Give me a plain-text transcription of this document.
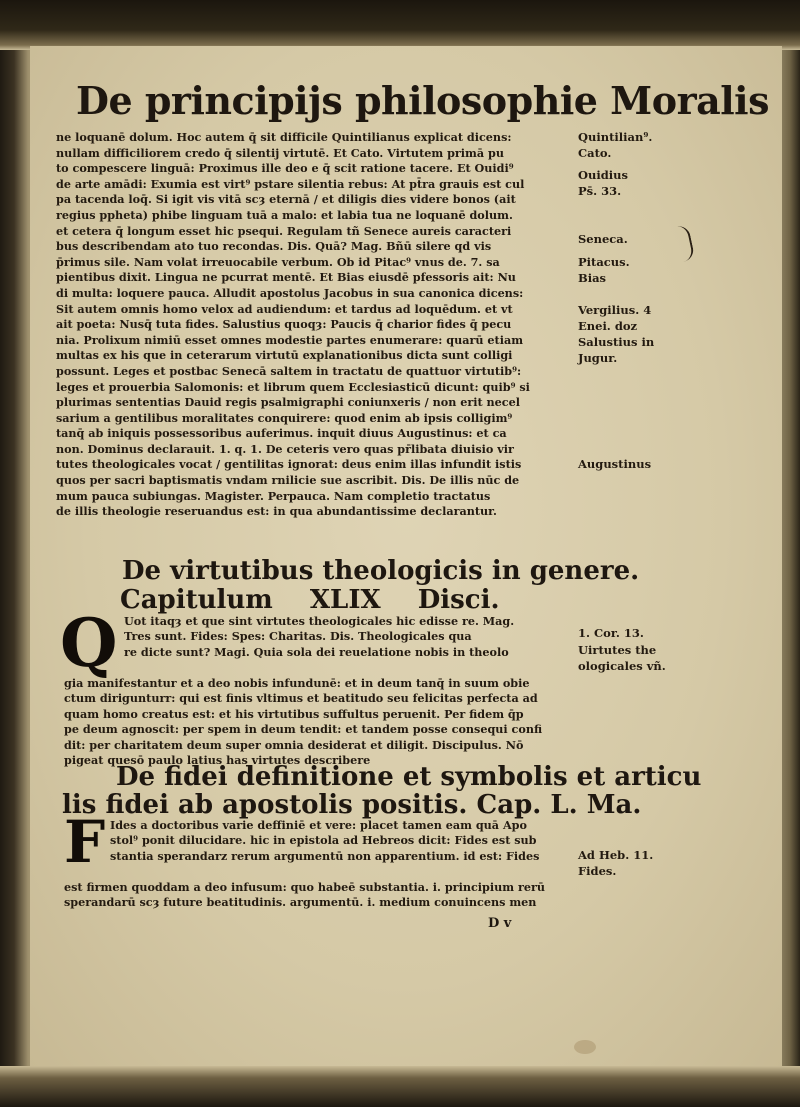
De principijs philosophie Moralis
ne loquanē dolum. Hoc autem q̄ sit difficile Quintilianus explicat dicens:
nullam difficiliorem credo q̄ silentij virtutē. Et Cato. Virtutem primā pu
to compescere linguā: Proximus ille deo e q̄ scit ratione tacere. Et Ouidi⁹
de arte amādi: Exumia est virt⁹ pstare silentia rebus: At pt̄ra grauis est cul
pa tacenda loq̄. Si igit vis vitā scȝ eternā / et diligis dies videre bonos (ait
regius ppheta) phibe linguam tuā a malo: et labia tua ne loquanē dolum.
et cetera q̄ longum esset hic psequi. Regulam tñ Senece aureis caracteri
bus describendam ato tuo recondas. Dis. Quā? Mag. Bñū silere qd vis
p̄rimus sile. Nam volat irreuocabile verbum. Ob id Pitac⁹ vnus de. 7. sa
pientibus dixit. Lingua ne pcurrat mentē. Et Bias eiusdē pfessoris ait: Nu
di multa: loquere pauca. Alludit apostolus Jacobus in sua canonica dicens:
Sit autem omnis homo velox ad audiendum: et tardus ad loquēdum. et vt
ait poeta: Nusq̄ tuta fides. Salustius quoqȝ: Paucis q̄ charior fides q̄ pecu
nia. Prolixum nimiū esset omnes modestie partes enumerare: quarū etiam
multas ex his que in ceterarum virtutū explanationibus dicta sunt colligi
possunt. Leges et postbac Senecā saltem in tractatu de quattuor virtutib⁹:
leges et prouerbia Salomonis: et librum quem Ecclesiasticū dicunt: quib⁹ si
plurimas sententias Dauid regis psalmigraphi coniunxeris / non erit necel
sarium a gentilibus moralitates conquirere: quod enim ab ipsis colligim⁹
tanq̄ ab iniquis possessoribus auferimus. inquit diuus Augustinus: et ca
non. Dominus declarauit. 1. q. 1. De ceteris vero quas pr̄libata diuisio vir
tutes theologicales vocat / gentilitas ignorat: deus enim illas infundit istis
quos per sacri baptismatis vndam rnilicie sue ascribit. Dis. De illis nūc de
mum pauca subiungas. Magister. Perpauca. Nam completio tractatus
de illis theologie reseruandus est: in qua abundantissime declarantur.
Quintilian⁹.
Cato.
Ouidius
Ps̄. 33.
Seneca.
Pitacus.
Bias
Vergilius. 4
Enei. doz
Salustius in
Jugur.
Augustinus
1. Cor. 13.
Uirtutes the
ologicales vñ.
Ad Heb. 11.
Fides.
De virtutibus theologicis in genere.
Capitulum XLIX Disci.
Q Uot itaqȝ et que sint virtutes theologicales hic edisse re. Mag.
Tres sunt. Fides: Spes: Charitas. Dis. Theologicales qua
re dicte sunt? Magi. Quia sola dei reuelatione nobis in theolo
gia manifestantur et a deo nobis infundunē: et in deum tanq̄ in suum obie
ctum dirigunturr: qui est finis vltimus et beatitudo seu felicitas perfecta ad
quam homo creatus est: et his virtutibus suffultus peruenit. Per fidem q̄p
pe deum agnoscit: per spem in deum tendit: et tandem posse consequi confi
dit: per charitatem deum super omnia desiderat et diligit. Discipulus. Nō
pigeat quesō paulo latius has virtutes describere
De fidei definitione et symbolis et articu
lis fidei ab apostolis positis. Cap. L. Ma.
F Ides a doctoribus varie deffiniē et vere: placet tamen eam quā Apo
stol⁹ ponit dilucidare. hic in epistola ad Hebreos dicit: Fides est sub
stantia sperandarz rerum argumentū non apparentium. id est: Fides
est firmen quoddam a deo infusum: quo habeē substantia. i. principium rerū
sperandarū scȝ future beatitudinis. argumentū. i. medium conuincens men
D v
